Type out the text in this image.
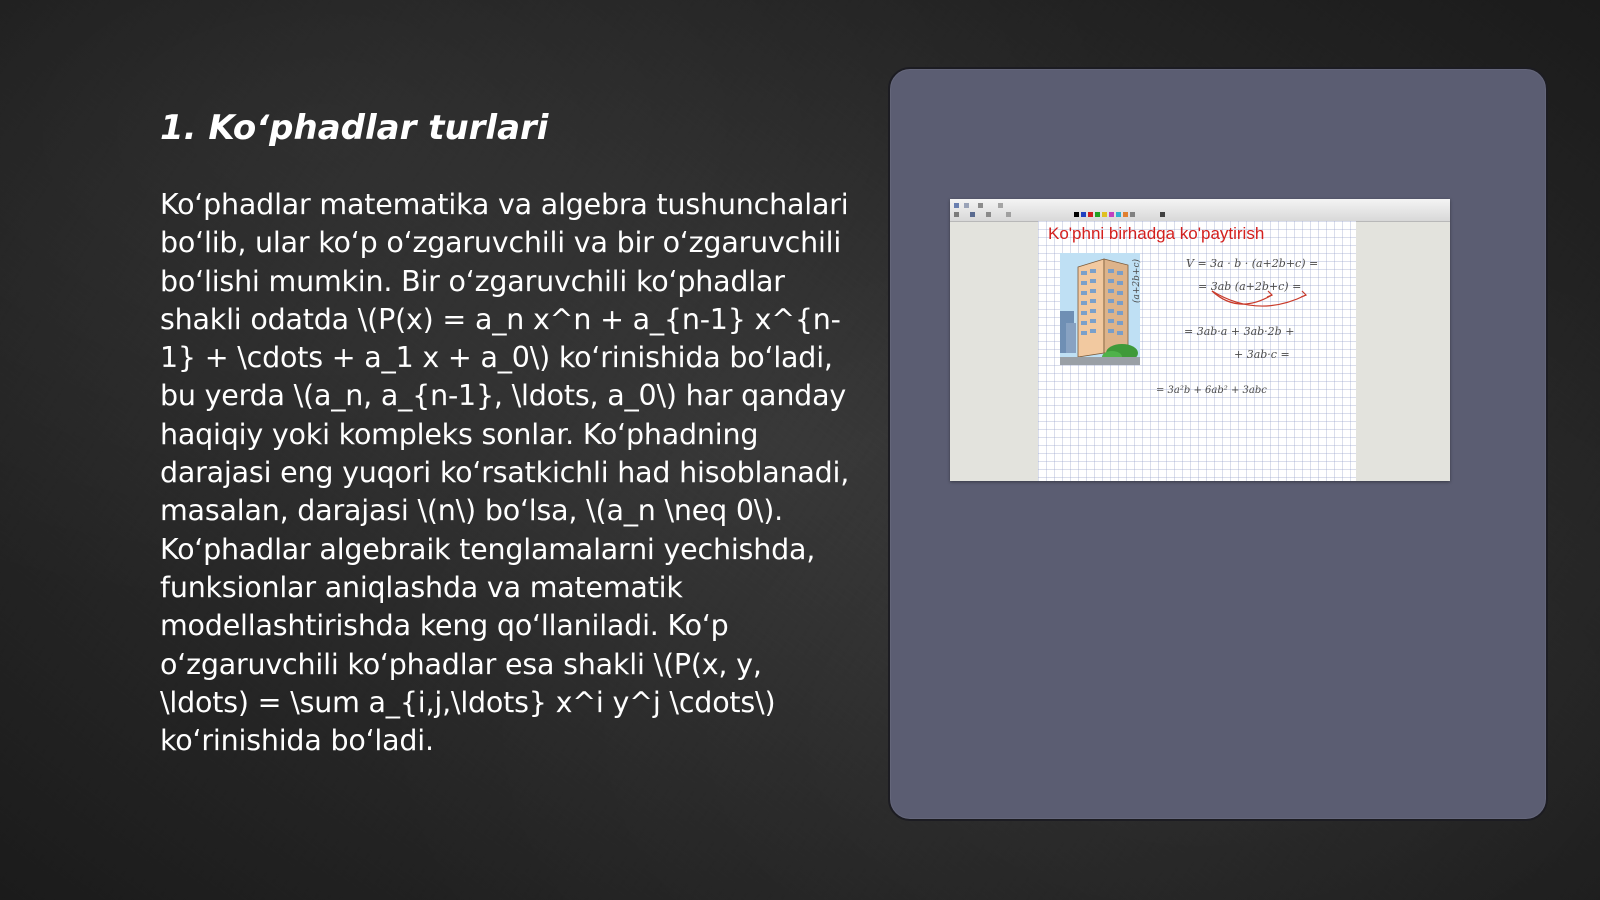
1. Ko‘phadlar turlari

Ko‘phadlar matematika va algebra tushunchalari bo‘lib, ular ko‘p o‘zgaruvchili va bir o‘zgaruvchili bo‘lishi mumkin. Bir o‘zgaruvchili ko‘phadlar shakli odatda \(P(x) = a_n x^n + a_{n-1} x^{n-1} + \cdots + a_1 x + a_0\) ko‘rinishida bo‘ladi, bu yerda \(a_n, a_{n-1}, \ldots, a_0\) har qanday haqiqiy yoki kompleks sonlar. Ko‘phadning darajasi eng yuqori ko‘rsatkichli had hisoblanadi, masalan, darajasi \(n\) bo‘lsa, \(a_n \neq 0\). Ko‘phadlar algebraik tenglamalarni yechishda, funksionlar aniqlashda va matematik modellashtirishda keng qo‘llaniladi. Ko‘p o‘zgaruvchili ko‘phadlar esa shakli \(P(x, y, \ldots) = \sum a_{i,j,\ldots} x^i y^j \cdots\) ko‘rinishida bo‘ladi.

Ko'phni birhadga ko'paytirish

(a+2b+c)	V = 3a · b · (a+2b+c) =

= 3ab (a+2b+c) =

= 3ab·a + 3ab·2b +

+ 3ab·c =

= 3a²b + 6ab² + 3abc
